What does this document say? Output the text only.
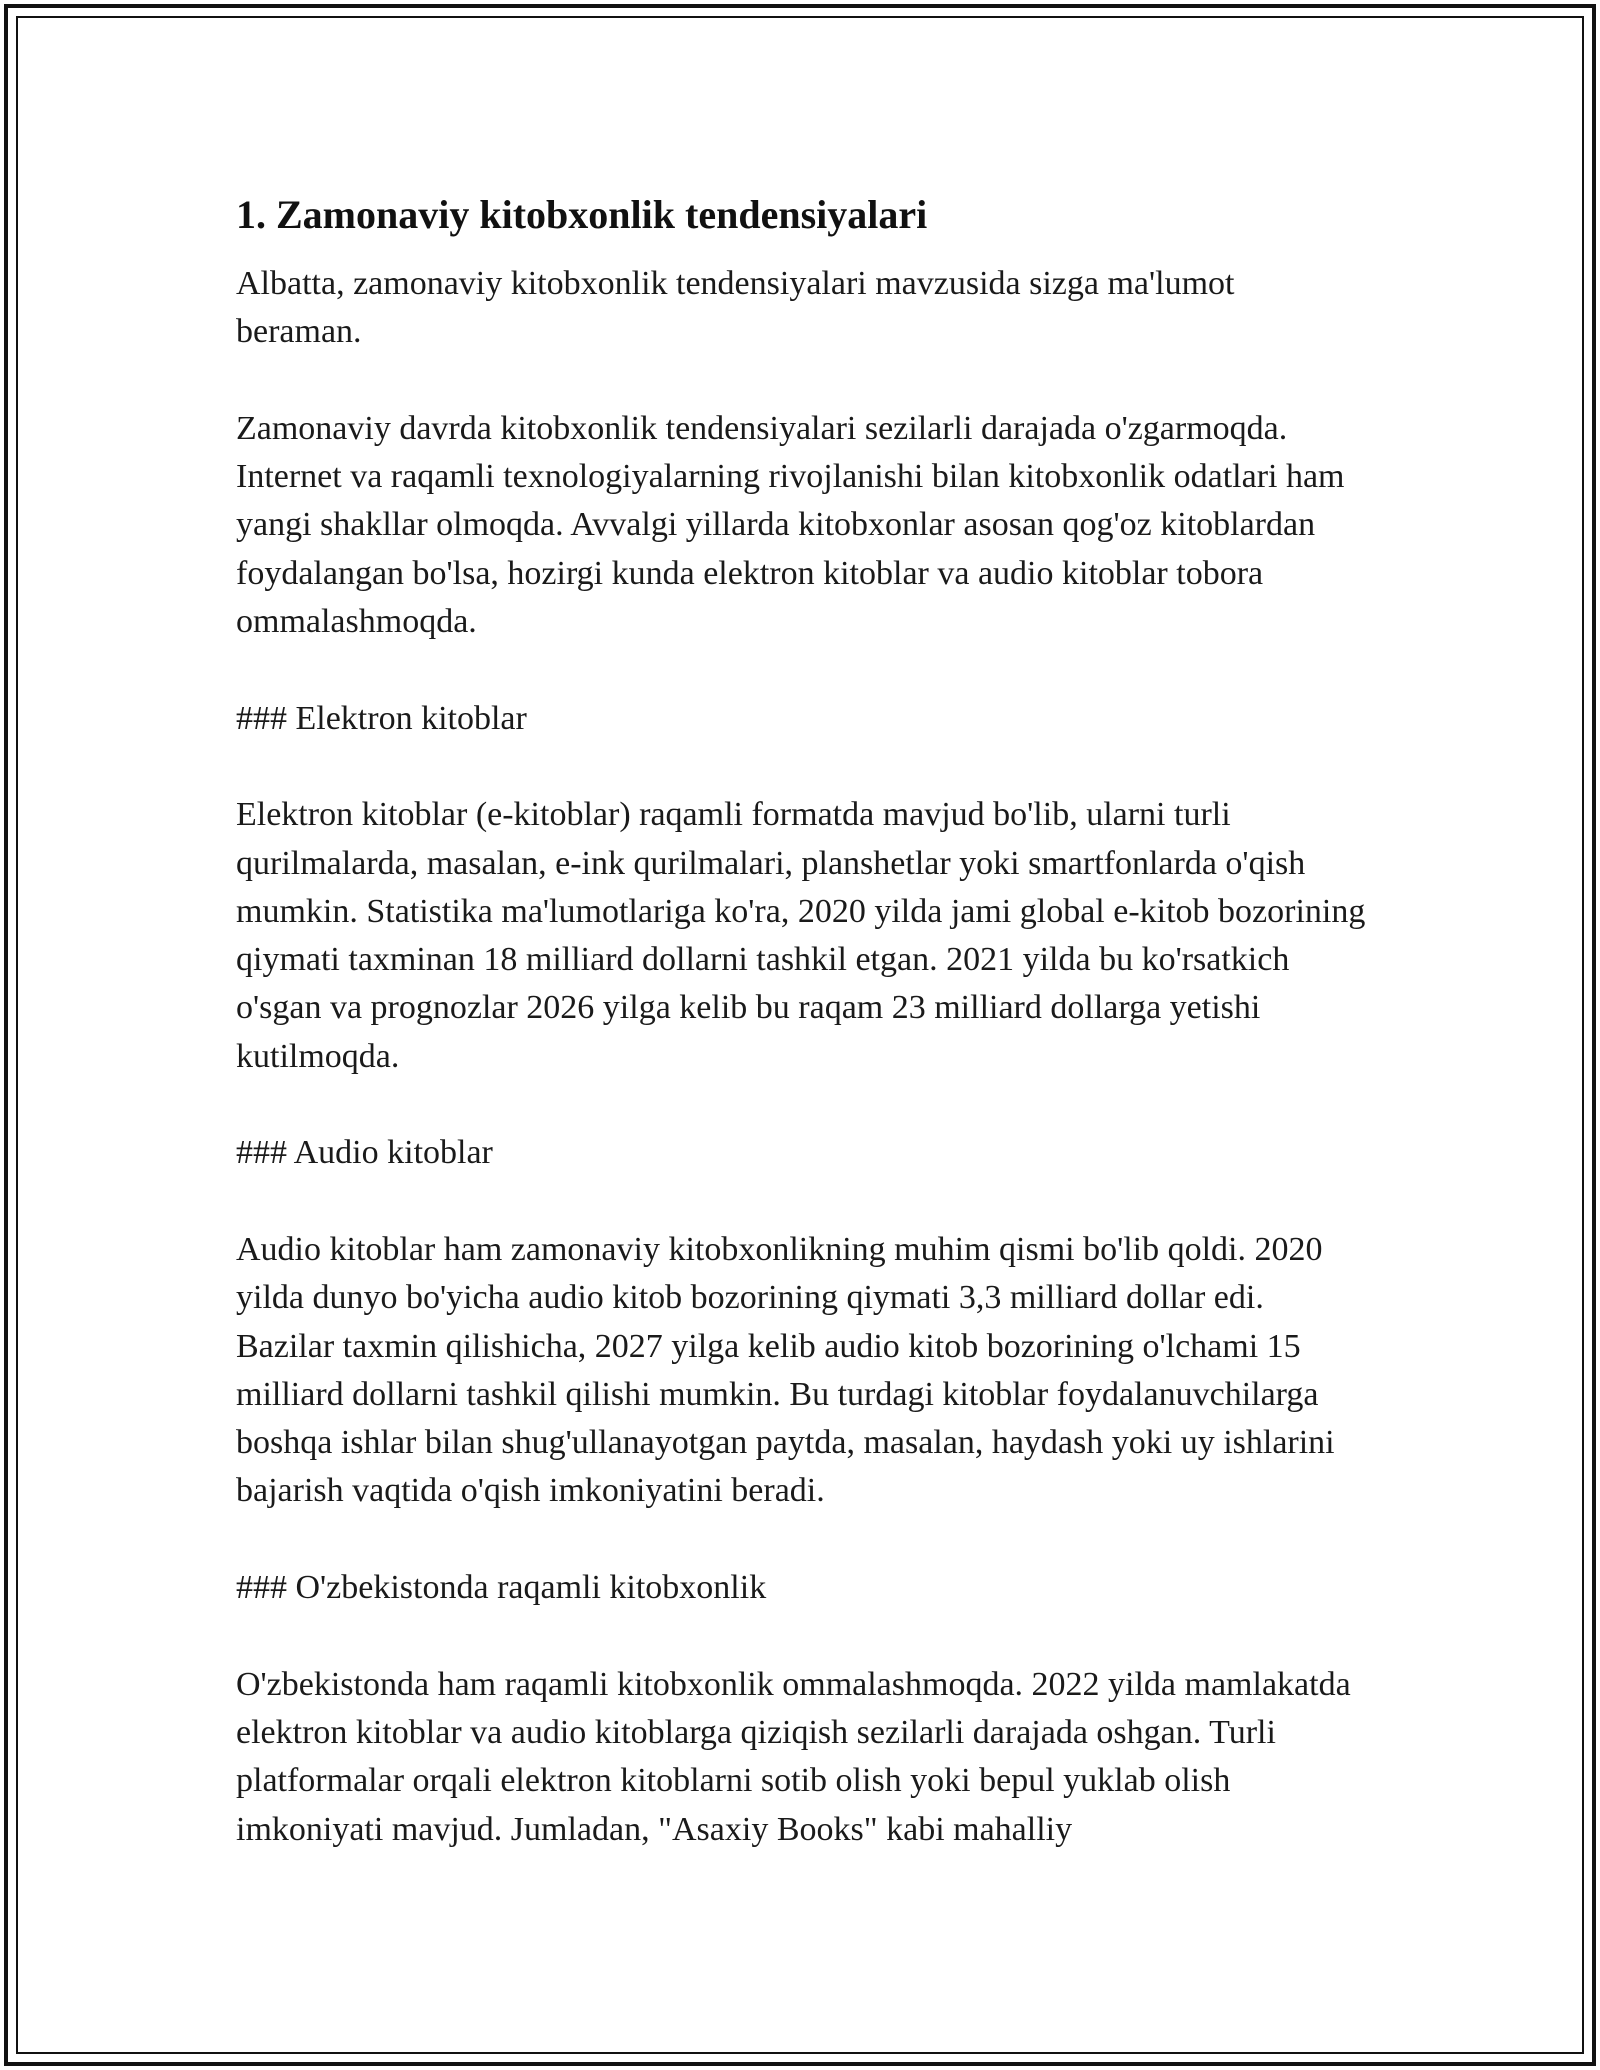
1. Zamonaviy kitobxonlik tendensiyalari

Albatta, zamonaviy kitobxonlik tendensiyalari mavzusida sizga ma'lumot beraman.

Zamonaviy davrda kitobxonlik tendensiyalari sezilarli darajada o'zgarmoqda. Internet va raqamli texnologiyalarning rivojlanishi bilan kitobxonlik odatlari ham yangi shakllar olmoqda. Avvalgi yillarda kitobxonlar asosan qog'oz kitoblardan foydalangan bo'lsa, hozirgi kunda elektron kitoblar va audio kitoblar tobora ommalashmoqda.

### Elektron kitoblar

Elektron kitoblar (e-kitoblar) raqamli formatda mavjud bo'lib, ularni turli qurilmalarda, masalan, e-ink qurilmalari, planshetlar yoki smartfonlarda o'qish mumkin. Statistika ma'lumotlariga ko'ra, 2020 yilda jami global e-kitob bozorining qiymati taxminan 18 milliard dollarni tashkil etgan. 2021 yilda bu ko'rsatkich o'sgan va prognozlar 2026 yilga kelib bu raqam 23 milliard dollarga yetishi kutilmoqda.

### Audio kitoblar

Audio kitoblar ham zamonaviy kitobxonlikning muhim qismi bo'lib qoldi. 2020 yilda dunyo bo'yicha audio kitob bozorining qiymati 3,3 milliard dollar edi. Bazilar taxmin qilishicha, 2027 yilga kelib audio kitob bozorining o'lchami 15 milliard dollarni tashkil qilishi mumkin. Bu turdagi kitoblar foydalanuvchilarga boshqa ishlar bilan shug'ullanayotgan paytda, masalan, haydash yoki uy ishlarini bajarish vaqtida o'qish imkoniyatini beradi.

### O'zbekistonda raqamli kitobxonlik

O'zbekistonda ham raqamli kitobxonlik ommalashmoqda. 2022 yilda mamlakatda elektron kitoblar va audio kitoblarga qiziqish sezilarli darajada oshgan. Turli platformalar orqali elektron kitoblarni sotib olish yoki bepul yuklab olish imkoniyati mavjud. Jumladan, "Asaxiy Books" kabi mahalliy
